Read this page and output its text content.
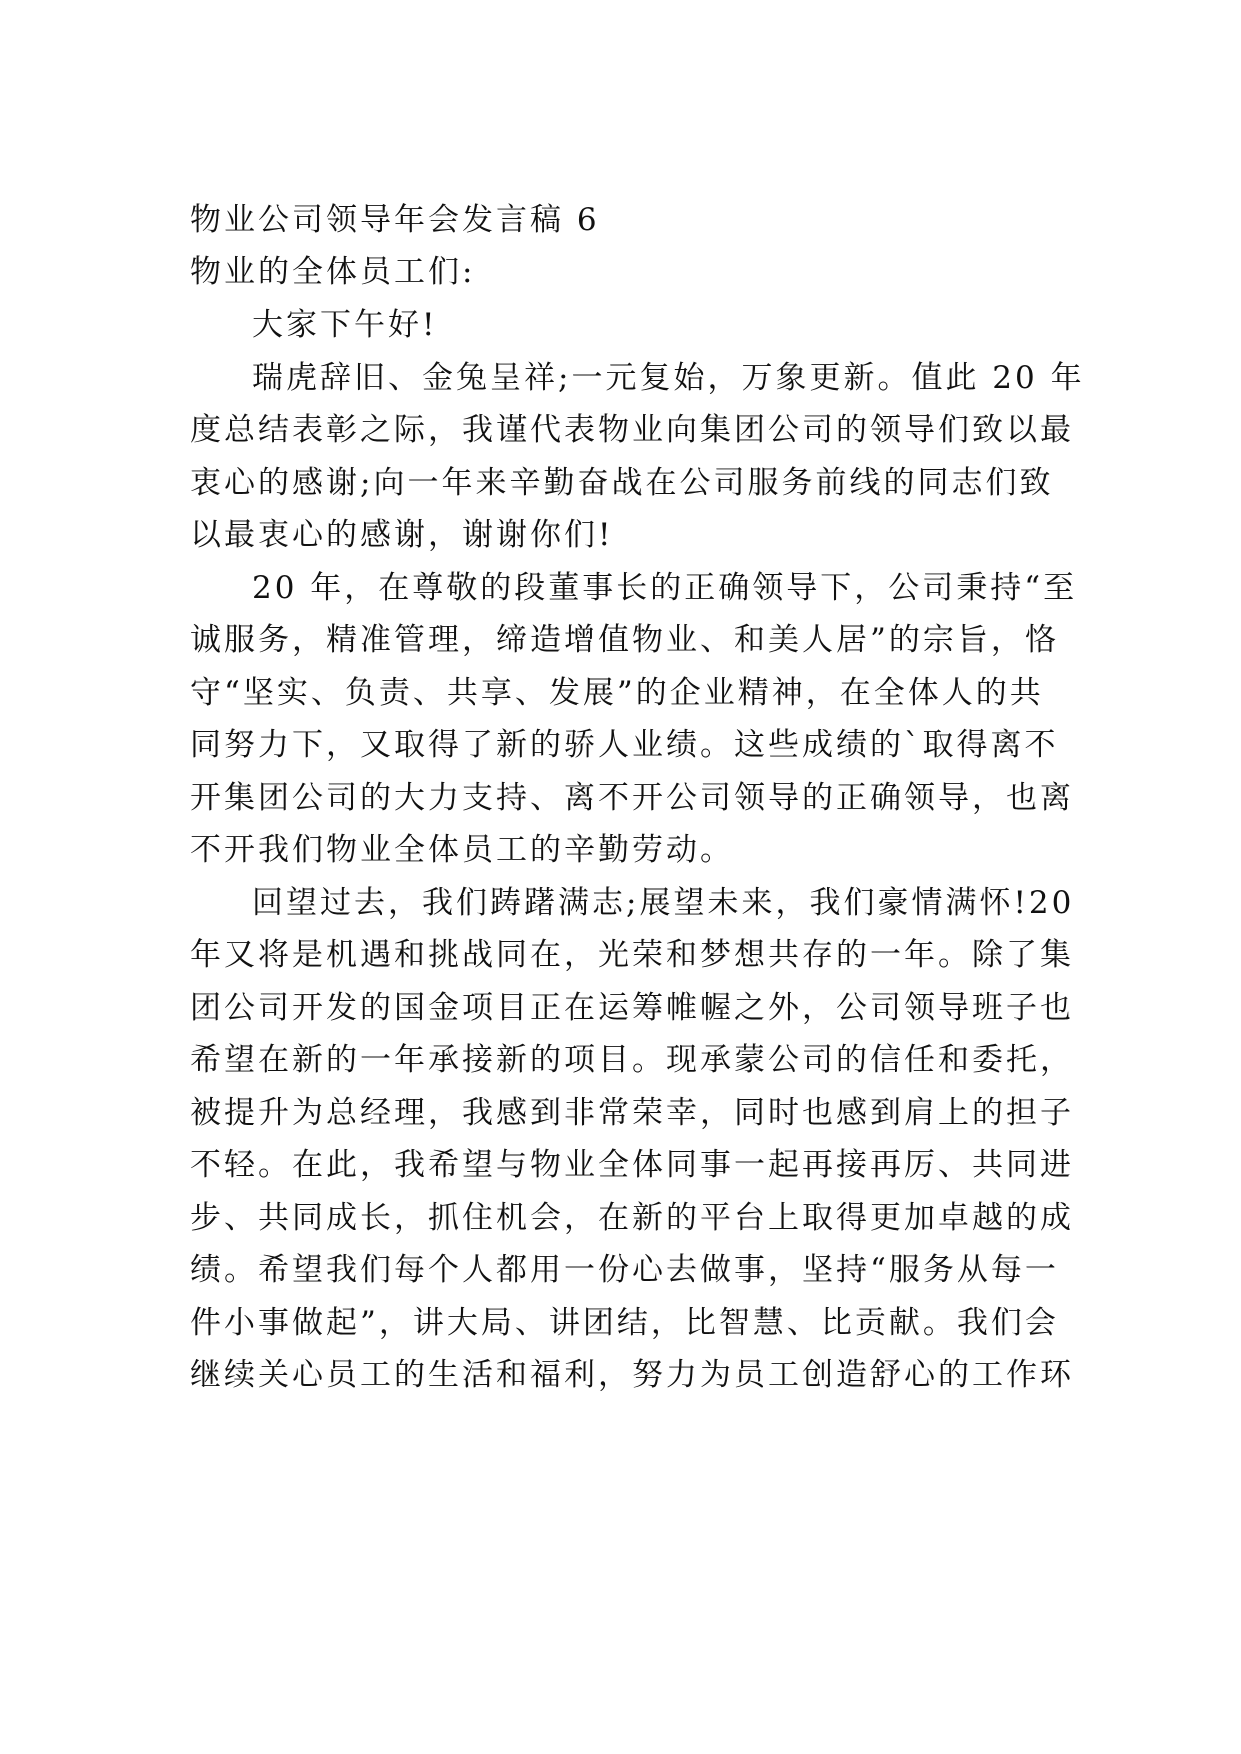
物业公司领导年会发言稿 6
物业的全体员工们:
大家下午好!
瑞虎辞旧、金兔呈祥;一元复始，万象更新。值此 20 年
度总结表彰之际，我谨代表物业向集团公司的领导们致以最
衷心的感谢;向一年来辛勤奋战在公司服务前线的同志们致
以最衷心的感谢，谢谢你们!
20 年，在尊敬的段董事长的正确领导下，公司秉持“至
诚服务，精准管理，缔造增值物业、和美人居”的宗旨，恪
守“坚实、负责、共享、发展”的企业精神，在全体人的共
同努力下，又取得了新的骄人业绩。这些成绩的`取得离不
开集团公司的大力支持、离不开公司领导的正确领导，也离
不开我们物业全体员工的辛勤劳动。
回望过去，我们踌躇满志;展望未来，我们豪情满怀!20
年又将是机遇和挑战同在，光荣和梦想共存的一年。除了集
团公司开发的国金项目正在运筹帷幄之外，公司领导班子也
希望在新的一年承接新的项目。现承蒙公司的信任和委托，
被提升为总经理，我感到非常荣幸，同时也感到肩上的担子
不轻。在此，我希望与物业全体同事一起再接再厉、共同进
步、共同成长，抓住机会，在新的平台上取得更加卓越的成
绩。希望我们每个人都用一份心去做事，坚持“服务从每一
件小事做起”，讲大局、讲团结，比智慧、比贡献。我们会
继续关心员工的生活和福利，努力为员工创造舒心的工作环
